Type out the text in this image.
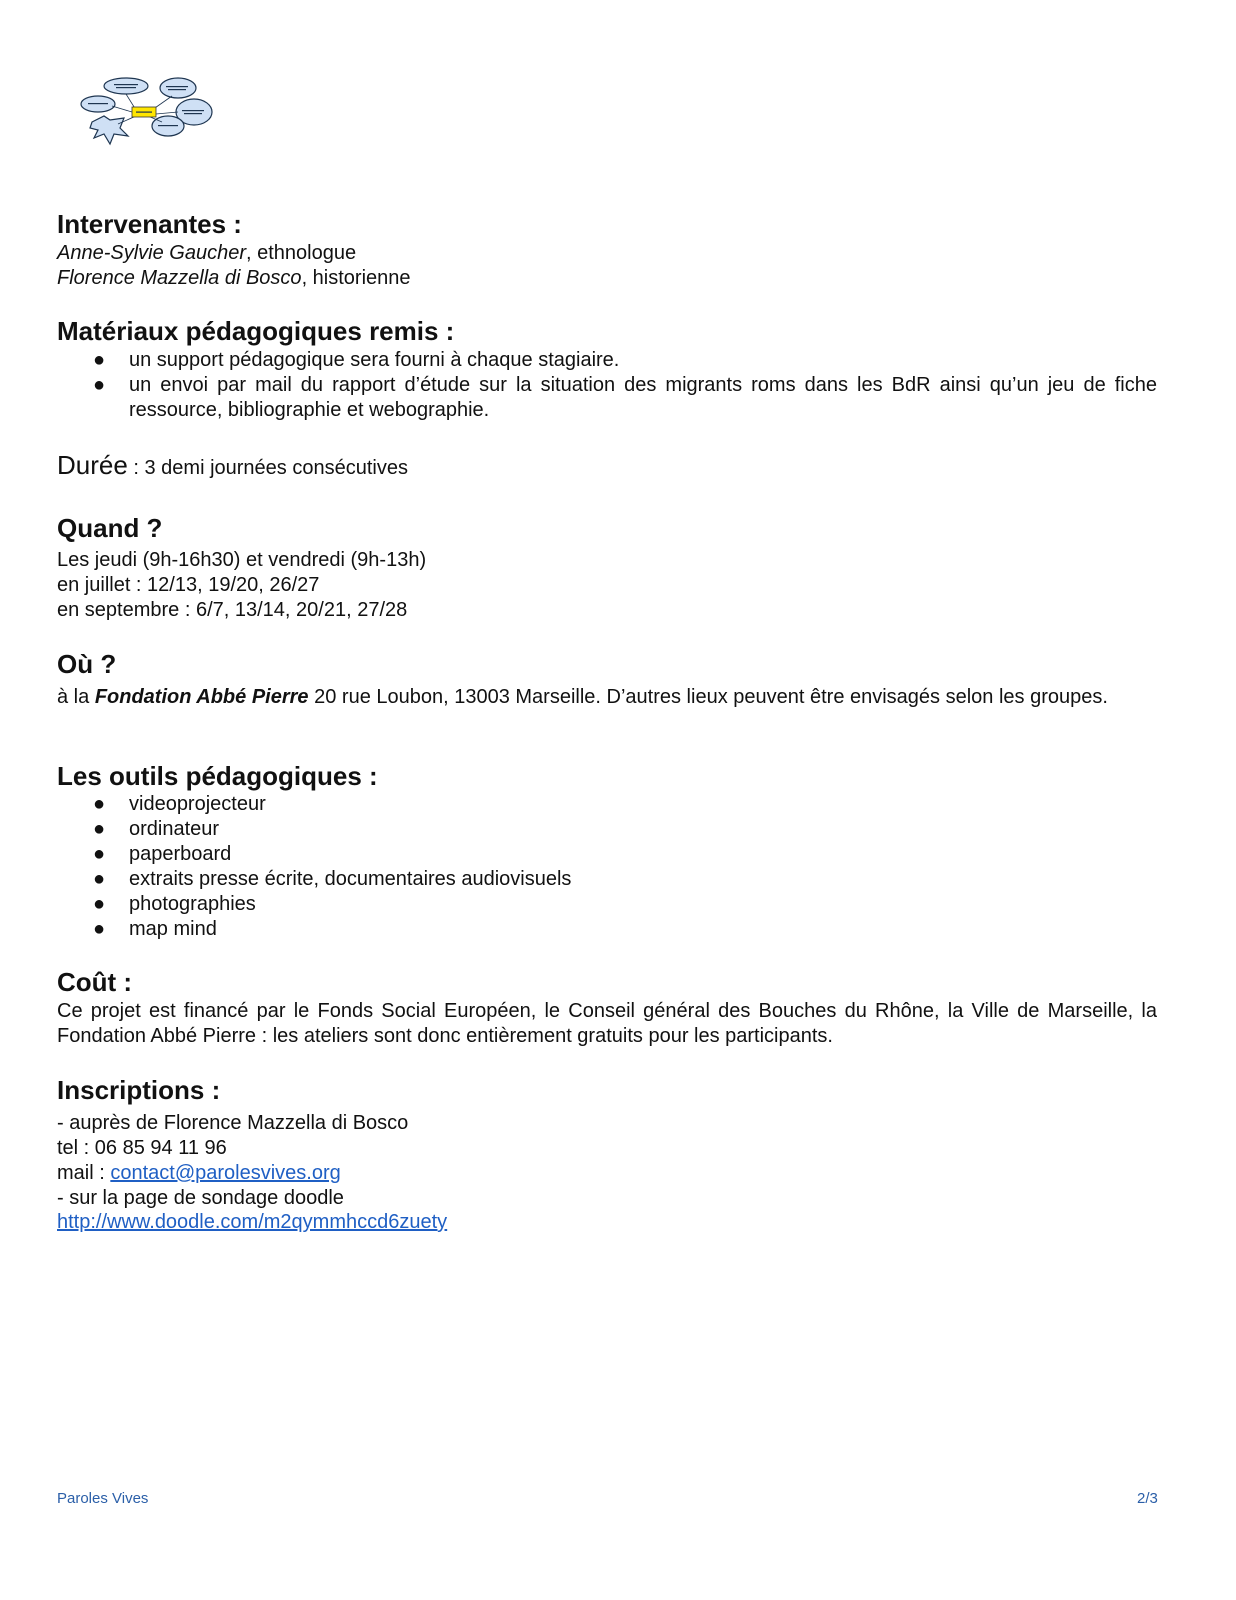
Intervenantes :

Anne-Sylvie Gaucher, ethnologue

Florence Mazzella di Bosco, historienne

Matériaux pédagogiques remis :
● un support pédagogique sera fourni à chaque stagiaire.
● un envoi par mail du rapport d’étude sur la situation des migrants roms dans les BdR ainsi qu’un jeu de fiche ressource, bibliographie et webographie.

Durée : 3 demi journées consécutives

Quand ?

Les jeudi (9h-16h30) et vendredi (9h-13h)

en juillet : 12/13, 19/20, 26/27

en septembre : 6/7, 13/14, 20/21, 27/28

Où ?

à la Fondation Abbé Pierre 20 rue Loubon, 13003 Marseille. D’autres lieux peuvent être envisagés selon les groupes.

Les outils pédagogiques :
● videoprojecteur
● ordinateur
● paperboard
● extraits presse écrite, documentaires audiovisuels
● photographies
● map mind
Coût :

Ce projet est financé par le Fonds Social Européen, le Conseil général des Bouches du Rhône, la Ville de Marseille, la Fondation Abbé Pierre : les ateliers sont donc entièrement gratuits pour les participants.

Inscriptions :

- auprès de Florence Mazzella di Bosco

tel : 06 85 94 11 96

mail : contact@parolesvives.org

- sur la page de sondage doodle

http://www.doodle.com/m2qymmhccd6zuety

Paroles Vives	2/3
